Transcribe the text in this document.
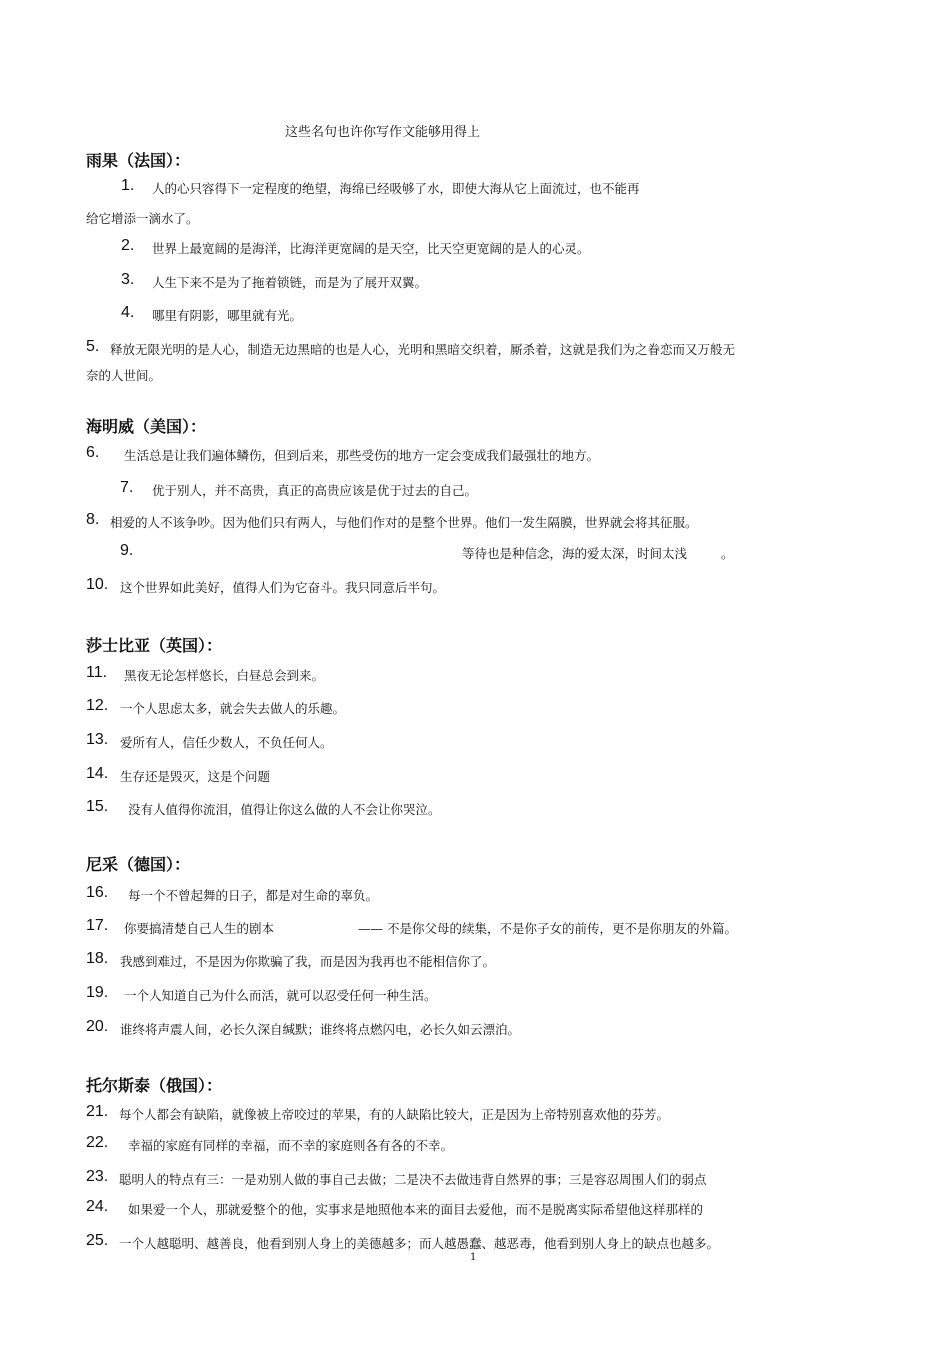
这些名句也许你写作文能够用得上
雨果（法国）：
1. 人的心只容得下一定程度的绝望，海绵已经吸够了水，即使大海从它上面流过，也不能再
给它增添一滴水了。
2. 世界上最宽阔的是海洋，比海洋更宽阔的是天空，比天空更宽阔的是人的心灵。
3. 人生下来不是为了拖着锁链，而是为了展开双翼。
4. 哪里有阴影，哪里就有光。
5. 释放无限光明的是人心，制造无边黑暗的也是人心，光明和黑暗交织着，厮杀着，这就是我们为之眷恋而又万般无
奈的人世间。
海明威（美国）：
6. 生活总是让我们遍体鳞伤，但到后来，那些受伤的地方一定会变成我们最强壮的地方。
7. 优于别人，并不高贵，真正的高贵应该是优于过去的自己。
8. 相爱的人不该争吵。因为他们只有两人，与他们作对的是整个世界。他们一发生隔膜，世界就会将其征服。
9.	等待也是种信念，海的爱太深，时间太浅	。
10. 这个世界如此美好，值得人们为它奋斗。我只同意后半句。
莎士比亚（英国）：
11. 黑夜无论怎样悠长，白昼总会到来。
12. 一个人思虑太多，就会失去做人的乐趣。
13. 爱所有人，信任少数人，不负任何人。
14. 生存还是毁灭，这是个问题
15. 没有人值得你流泪，值得让你这么做的人不会让你哭泣。
尼采（德国）：
16. 每一个不曾起舞的日子，都是对生命的辜负。
17. 你要搞清楚自己人生的剧本	—— 不是你父母的续集，不是你子女的前传，更不是你朋友的外篇。
18. 我感到难过，不是因为你欺骗了我，而是因为我再也不能相信你了。
19. 一个人知道自己为什么而活，就可以忍受任何一种生活。
20. 谁终将声震人间，必长久深自缄默；谁终将点燃闪电，必长久如云漂泊。
托尔斯泰（俄国）：
21. 每个人都会有缺陷，就像被上帝咬过的苹果，有的人缺陷比较大，正是因为上帝特别喜欢他的芬芳。
22. 幸福的家庭有同样的幸福，而不幸的家庭则各有各的不幸。
23. 聪明人的特点有三：一是劝别人做的事自己去做；二是决不去做违背自然界的事；三是容忍周围人们的弱点
24. 如果爱一个人，那就爱整个的他，实事求是地照他本来的面目去爱他，而不是脱离实际希望他这样那样的
25. 一个人越聪明、越善良，他看到别人身上的美德越多；而人越愚蠢、越恶毒，他看到别人身上的缺点也越多。
1
